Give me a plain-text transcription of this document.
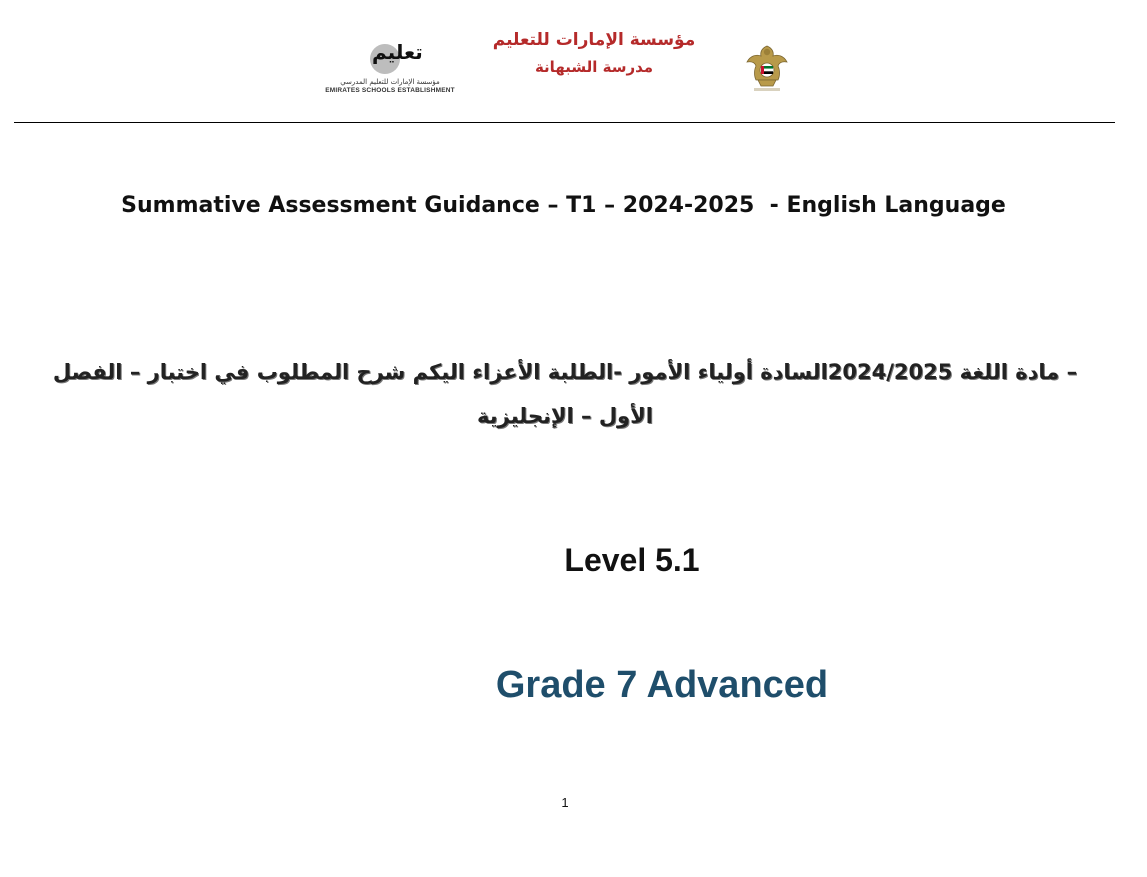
تعليم
مؤسسة الإمارات للتعليم المدرسي
EMIRATES SCHOOLS ESTABLISHMENT
مؤسسة الإمارات للتعليم
مدرسة الشبهانة
Summative Assessment Guidance – T1 – 2024-2025  - English Language
– مادة اللغة 2024/2025السادة أولياء الأمور -الطلبة الأعزاء اليكم شرح المطلوب في اختبار – الفصل الأول – الإنجليزية
Level 5.1
Grade 7 Advanced
1
